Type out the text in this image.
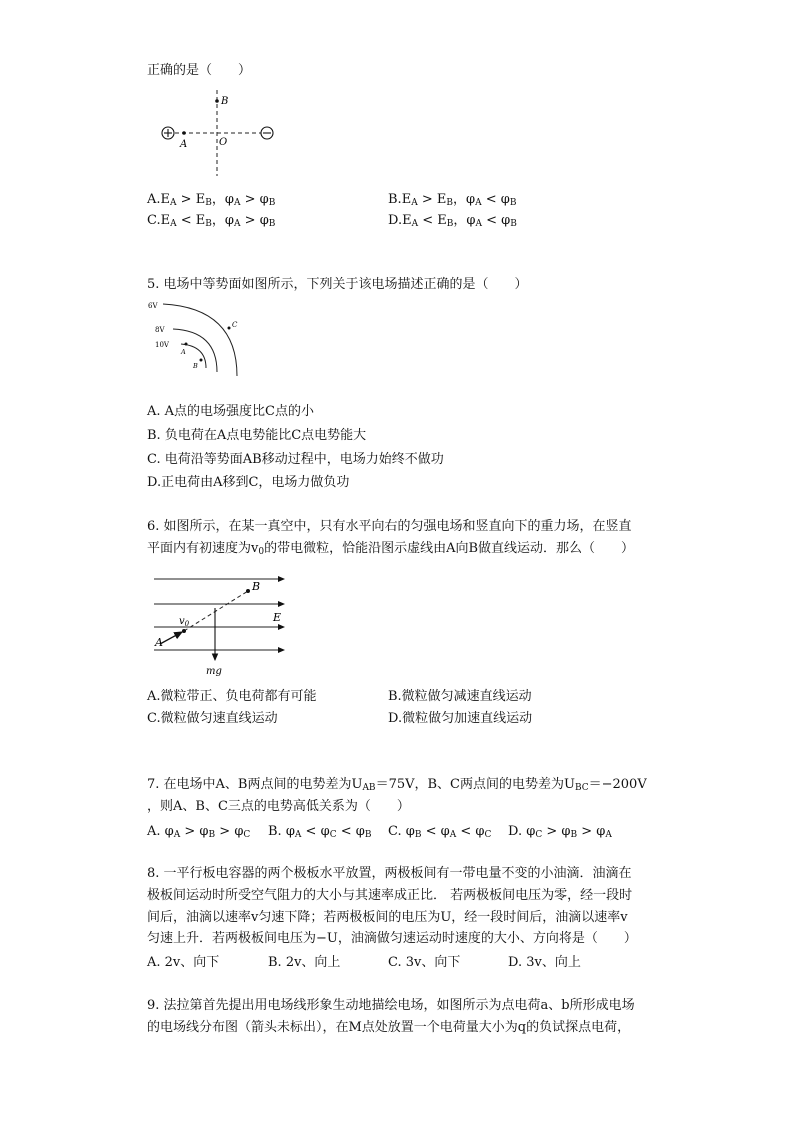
正确的是（　　）
B
A	O
$A.E_A > E_B$，$\varphi_A > \varphi_B$	$B.E_A > E_B$，$\varphi_A < \varphi_B$
$C.E_A < E_B$，$\varphi_A > \varphi_B$	$D.E_A < E_B$，$\varphi_A < \varphi_B$
5. 电场中等势面如图所示，下列关于该电场描述正确的是（　　）
6V
8V
10V
A
B
C
A. A点的电场强度比C点的小
B. 负电荷在A点电势能比C点电势能大
C. 电荷沿等势面AB移动过程中，电场力始终不做功
D.正电荷由A移到C，电场力做负功
6. 如图所示，在某一真空中，只有水平向右的匀强电场和竖直向下的重力场，在竖直
平面内有初速度为$v_0$的带电微粒，恰能沿图示虚线由A向B做直线运动．那么（　　）
B
A
E
$v_0$
mg
A.微粒带正、负电荷都有可能	B.微粒做匀减速直线运动
C.微粒做匀速直线运动	D.微粒做匀加速直线运动
7. 在电场中A、B两点间的电势差为$U_{AB}=75V$，B、C两点间的电势差为$U_{BC}=-200V$
，则A、B、C三点的电势高低关系为（　　）
A. $\varphi_A > \varphi_B > \varphi_C$ B. $\varphi_A < \varphi_C < \varphi_B$ C. $\varphi_B < \varphi_A < \varphi_C$ D. $\varphi_C > \varphi_B > \varphi_A$
8. 一平行板电容器的两个极板水平放置，两极板间有一带电量不变的小油滴．油滴在
极板间运动时所受空气阻力的大小与其速率成正比． 若两极板间电压为零，经一段时
间后，油滴以速率v匀速下降；若两极板间的电压为U，经一段时间后，油滴以速率v
匀速上升．若两极板间电压为−U，油滴做匀速运动时速度的大小、方向将是（　　）
A. 2v、向下	B. 2v、向上	C. 3v、向下	D. 3v、向上
9. 法拉第首先提出用电场线形象生动地描绘电场，如图所示为点电荷a、b所形成电场
的电场线分布图（箭头未标出），在M点处放置一个电荷量大小为q的负试探点电荷，
